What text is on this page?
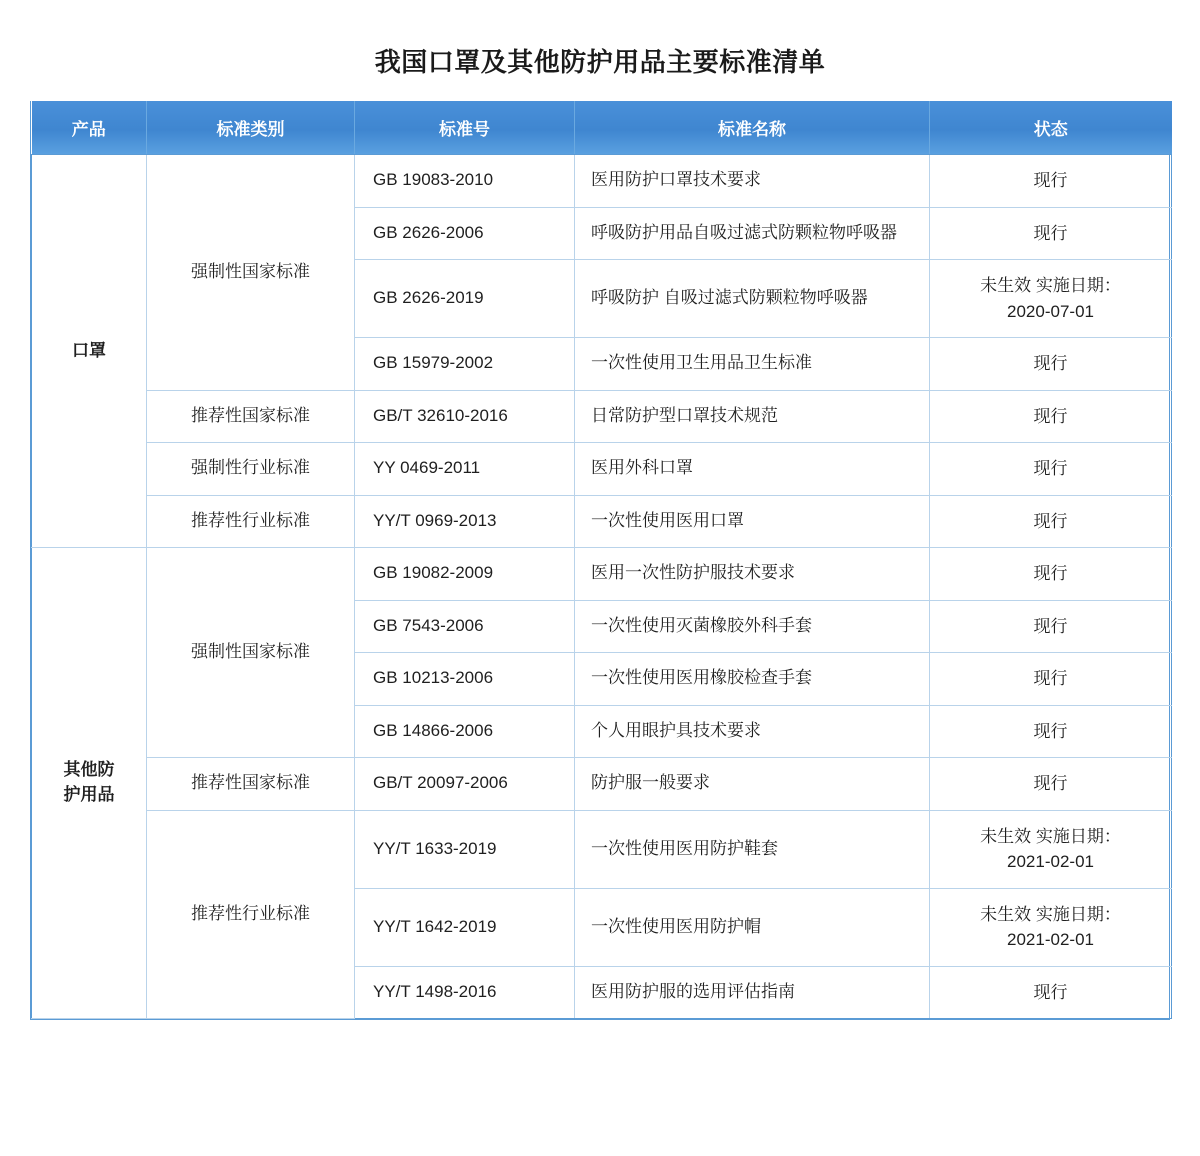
我国口罩及其他防护用品主要标准清单
产品	标准类别	标准号	标准名称	状态
口罩	强制性国家标准	GB 19083-2010	医用防护口罩技术要求	现行
		GB 2626-2006	呼吸防护用品自吸过滤式防颗粒物呼吸器	现行
		GB 2626-2019	呼吸防护 自吸过滤式防颗粒物呼吸器	未生效 实施日期：
2020-07-01

		GB 15979-2002	一次性使用卫生用品卫生标准	现行
	推荐性国家标准	GB/T 32610-2016	日常防护型口罩技术规范	现行
	强制性行业标准	YY 0469-2011	医用外科口罩	现行
	推荐性行业标准	YY/T 0969-2013	一次性使用医用口罩	现行
其他防
护用品	强制性国家标准	GB 19082-2009	医用一次性防护服技术要求	现行
		GB 7543-2006	一次性使用灭菌橡胶外科手套	现行
		GB 10213-2006	一次性使用医用橡胶检查手套	现行
		GB 14866-2006	个人用眼护具技术要求	现行
	推荐性国家标准	GB/T 20097-2006	防护服一般要求	现行
	推荐性行业标准	YY/T 1633-2019	一次性使用医用防护鞋套	未生效 实施日期：
2021-02-01

		YY/T 1642-2019	一次性使用医用防护帽	未生效 实施日期：
2021-02-01

		YY/T 1498-2016	医用防护服的选用评估指南	现行
